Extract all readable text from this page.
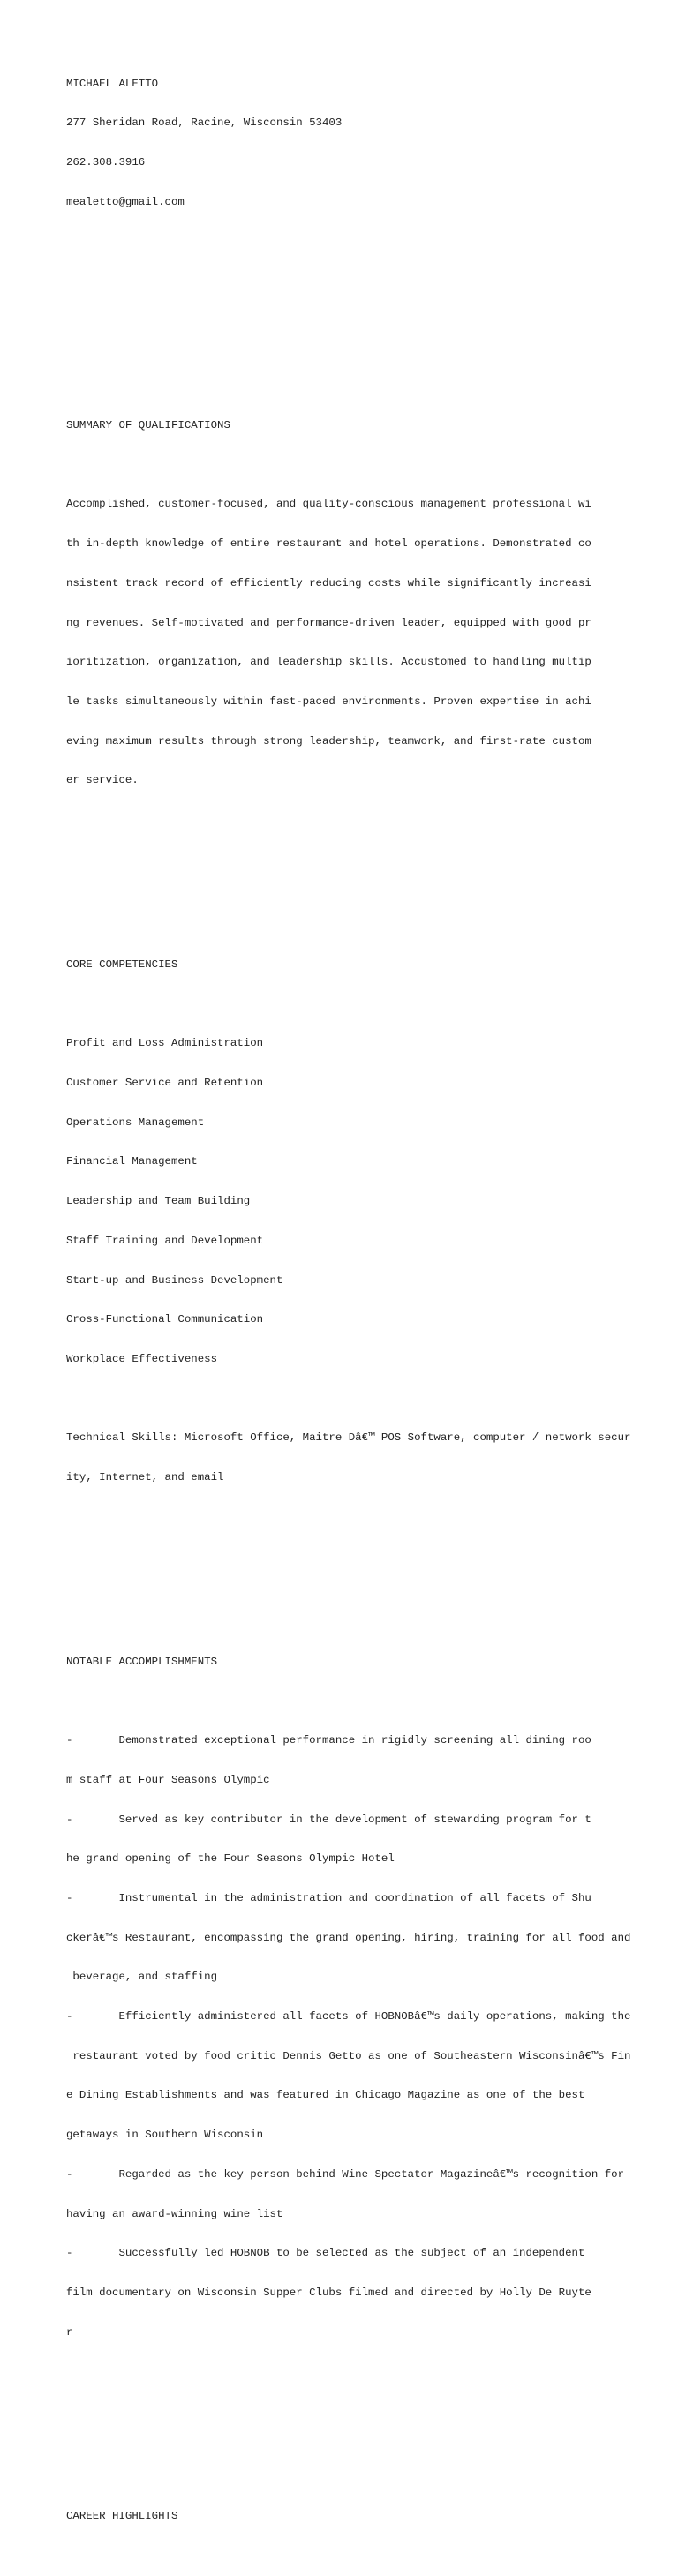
MICHAEL ALETTO

277 Sheridan Road, Racine, Wisconsin 53403

262.308.3916

mealetto@gmail.com

SUMMARY OF QUALIFICATIONS

Accomplished, customer-focused, and quality-conscious management professional wi

th in-depth knowledge of entire restaurant and hotel operations. Demonstrated co

nsistent track record of efficiently reducing costs while significantly increasi

ng revenues. Self-motivated and performance-driven leader, equipped with good pr

ioritization, organization, and leadership skills. Accustomed to handling multip

le tasks simultaneously within fast-paced environments. Proven expertise in achi

eving maximum results through strong leadership, teamwork, and first-rate custom

er service.

CORE COMPETENCIES

Profit and Loss Administration

Customer Service and Retention

Operations Management

Financial Management

Leadership and Team Building

Staff Training and Development

Start-up and Business Development

Cross-Functional Communication

Workplace Effectiveness

Technical Skills: Microsoft Office, Maitre Dâ€™ POS Software, computer / network secur

ity, Internet, and email

NOTABLE ACCOMPLISHMENTS

-       Demonstrated exceptional performance in rigidly screening all dining roo

m staff at Four Seasons Olympic

-       Served as key contributor in the development of stewarding program for t

he grand opening of the Four Seasons Olympic Hotel

-       Instrumental in the administration and coordination of all facets of Shu

ckerâ€™s Restaurant, encompassing the grand opening, hiring, training for all food and

beverage, and staffing

-       Efficiently administered all facets of HOBNOBâ€™s daily operations, making the

restaurant voted by food critic Dennis Getto as one of Southeastern Wisconsinâ€™s Fin

e Dining Establishments and was featured in Chicago Magazine as one of the best

getaways in Southern Wisconsin

-       Regarded as the key person behind Wine Spectator Magazineâ€™s recognition for

having an award-winning wine list

-       Successfully led HOBNOB to be selected as the subject of an independent

film documentary on Wisconsin Supper Clubs filmed and directed by Holly De Ruyte

r

CAREER HIGHLIGHTS
